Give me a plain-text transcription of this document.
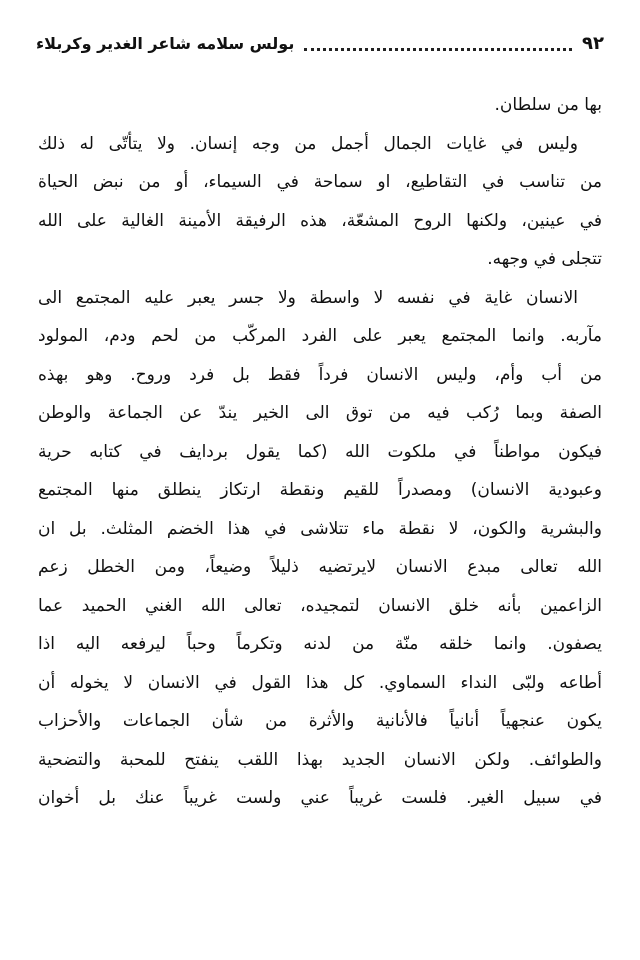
٩٢
بولس سلامه شاعر الغدير وكربلاء
بها من سلطان.
وليس في غايات الجمال أجمل من وجه إنسان. ولا يتأتّى له ذلك
من تناسب في التقاطيع، او سماحة في السيماء، أو من نبض الحياة
في عينين، ولكنها الروح المشعّة، هذه الرفيقة الأمينة الغالية على الله
تتجلى في وجهه.
الانسان غاية في نفسه لا واسطة ولا جسر يعبر عليه المجتمع الى
مآربه. وانما المجتمع يعبر على الفرد المركّب من لحم ودم، المولود
من أب وأم، وليس الانسان فرداً فقط بل فرد وروح. وهو بهذه
الصفة وبما رُكب فيه من توق الى الخير يندّ عن الجماعة والوطن
فيكون مواطناً في ملكوت الله (كما يقول بردايف في كتابه حرية
وعبودية الانسان) ومصدراً للقيم ونقطة ارتكاز ينطلق منها المجتمع
والبشرية والكون، لا نقطة ماء تتلاشى في هذا الخضم المثلث. بل ان
الله تعالى مبدع الانسان لايرتضيه ذليلاً وضيعاً، ومن الخطل زعم
الزاعمين بأنه خلق الانسان لتمجيده، تعالى الله الغني الحميد عما
يصفون. وانما خلقه منّة من لدنه وتكرماً وحباً ليرفعه اليه اذا
أطاعه ولبّى النداء السماوي. كل هذا القول في الانسان لا يخوله أن
يكون عنجهياً أنانياً فالأنانية والأثرة من شأن الجماعات والأحزاب
والطوائف. ولكن الانسان الجديد بهذا اللقب ينفتح للمحبة والتضحية
في سبيل الغير. فلست غريباً عني ولست غريباً عنك بل أخوان
